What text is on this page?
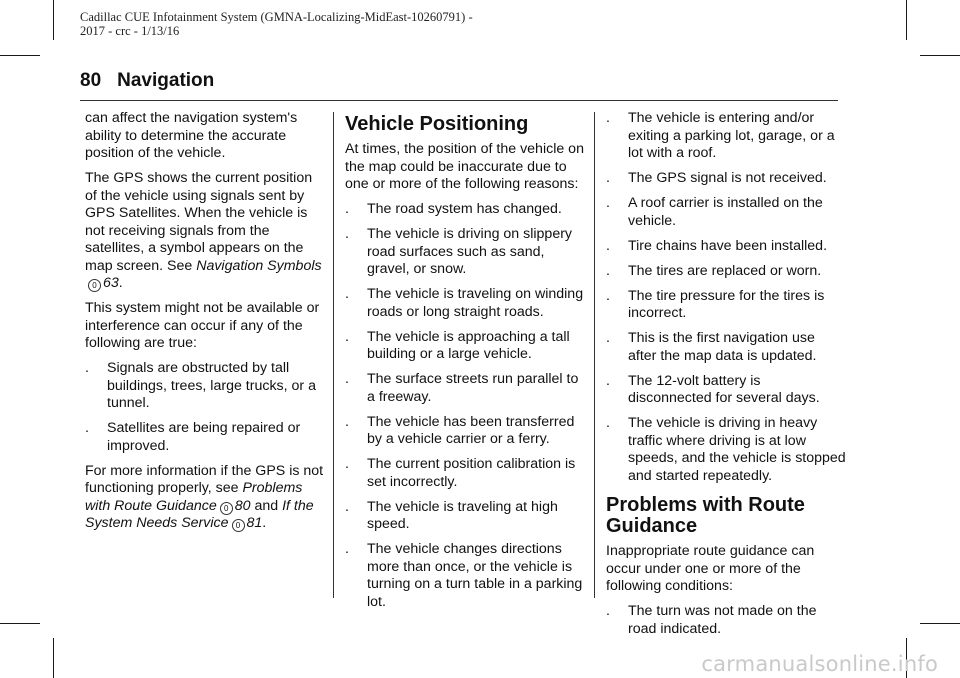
Cadillac CUE Infotainment System (GMNA-Localizing-MidEast-10260791) -
2017 - crc - 1/13/16
80 Navigation

can affect the navigation system's ability to determine the accurate position of the vehicle.

The GPS shows the current position of the vehicle using signals sent by GPS Satellites. When the vehicle is not receiving signals from the satellites, a symbol appears on the map screen. See Navigation Symbols0 63.

This system might not be available or interference can occur if any of the following are true:

. Signals are obstructed by tall buildings, trees, large trucks, or a tunnel.
. Satellites are being repaired or improved.

For more information if the GPS is not functioning properly, see Problems with Route Guidance 0 80 and If the System Needs Service 0 81.

Vehicle Positioning

At times, the position of the vehicle on the map could be inaccurate due to one or more of the following reasons:

. The road system has changed.
. The vehicle is driving on slippery road surfaces such as sand, gravel, or snow.
. The vehicle is traveling on winding roads or long straight roads.
. The vehicle is approaching a tall building or a large vehicle.
. The surface streets run parallel to a freeway.
. The vehicle has been transferred by a vehicle carrier or a ferry.
. The current position calibration is set incorrectly.
. The vehicle is traveling at high speed.
. The vehicle changes directions more than once, or the vehicle is turning on a turn table in a parking lot.
. The vehicle is entering and/or exiting a parking lot, garage, or a lot with a roof.
. The GPS signal is not received.
. A roof carrier is installed on the vehicle.
. Tire chains have been installed.
. The tires are replaced or worn.
. The tire pressure for the tires is incorrect.
. This is the first navigation use after the map data is updated.
. The 12-volt battery is disconnected for several days.
. The vehicle is driving in heavy traffic where driving is at low speeds, and the vehicle is stopped and started repeatedly.
Problems with Route
Guidance

Inappropriate route guidance can occur under one or more of the following conditions:

. The turn was not made on the road indicated.
carmanualsonline.info
